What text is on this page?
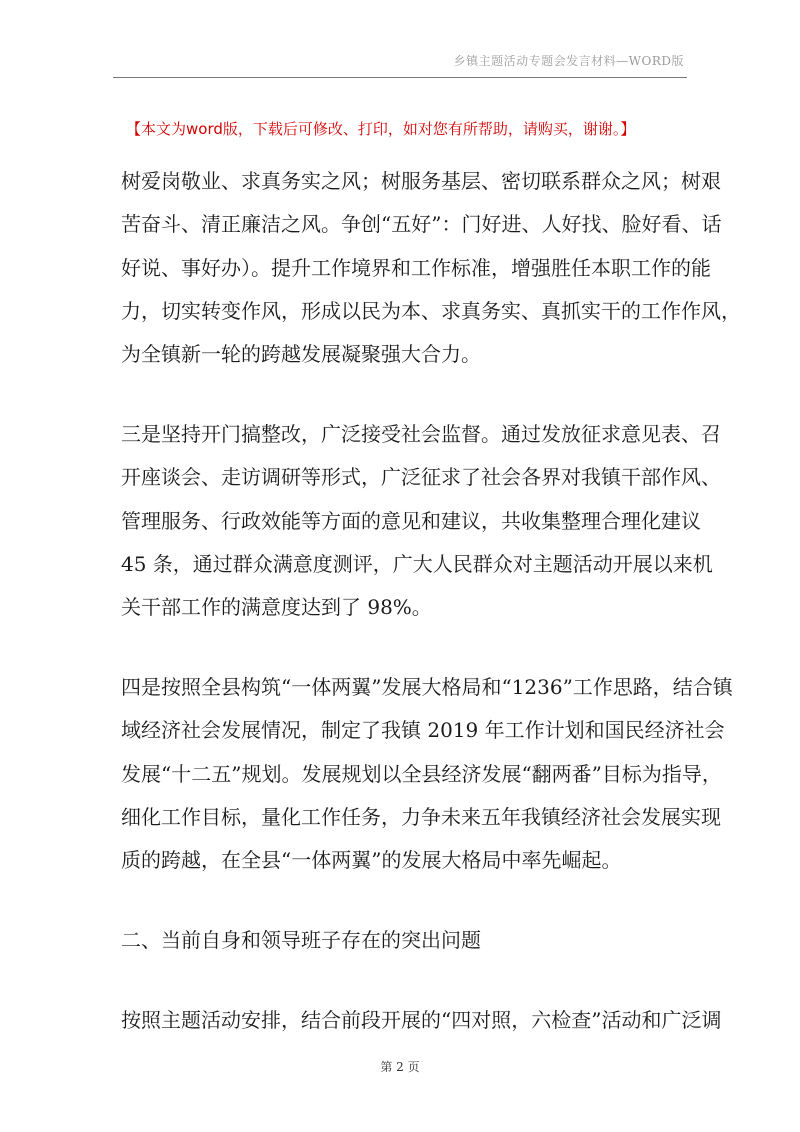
乡镇主题活动专题会发言材料—WORD版
【本文为word版，下载后可修改、打印，如对您有所帮助，请购买，谢谢。】
树爱岗敬业、求真务实之风；树服务基层、密切联系群众之风；树艰
苦奋斗、清正廉洁之风。争创“五好”：门好进、人好找、脸好看、话
好说、事好办）。提升工作境界和工作标准，增强胜任本职工作的能
力，切实转变作风，形成以民为本、求真务实、真抓实干的工作作风，
为全镇新一轮的跨越发展凝聚强大合力。
三是坚持开门搞整改，广泛接受社会监督。通过发放征求意见表、召
开座谈会、走访调研等形式，广泛征求了社会各界对我镇干部作风、
管理服务、行政效能等方面的意见和建议，共收集整理合理化建议
45 条，通过群众满意度测评，广大人民群众对主题活动开展以来机
关干部工作的满意度达到了 98%。
四是按照全县构筑“一体两翼”发展大格局和“1236”工作思路，结合镇
域经济社会发展情况，制定了我镇 2019 年工作计划和国民经济社会
发展“十二五”规划。发展规划以全县经济发展“翻两番”目标为指导，
细化工作目标，量化工作任务，力争未来五年我镇经济社会发展实现
质的跨越，在全县“一体两翼”的发展大格局中率先崛起。
二、当前自身和领导班子存在的突出问题
按照主题活动安排，结合前段开展的“四对照，六检查”活动和广泛调
第 2 页
